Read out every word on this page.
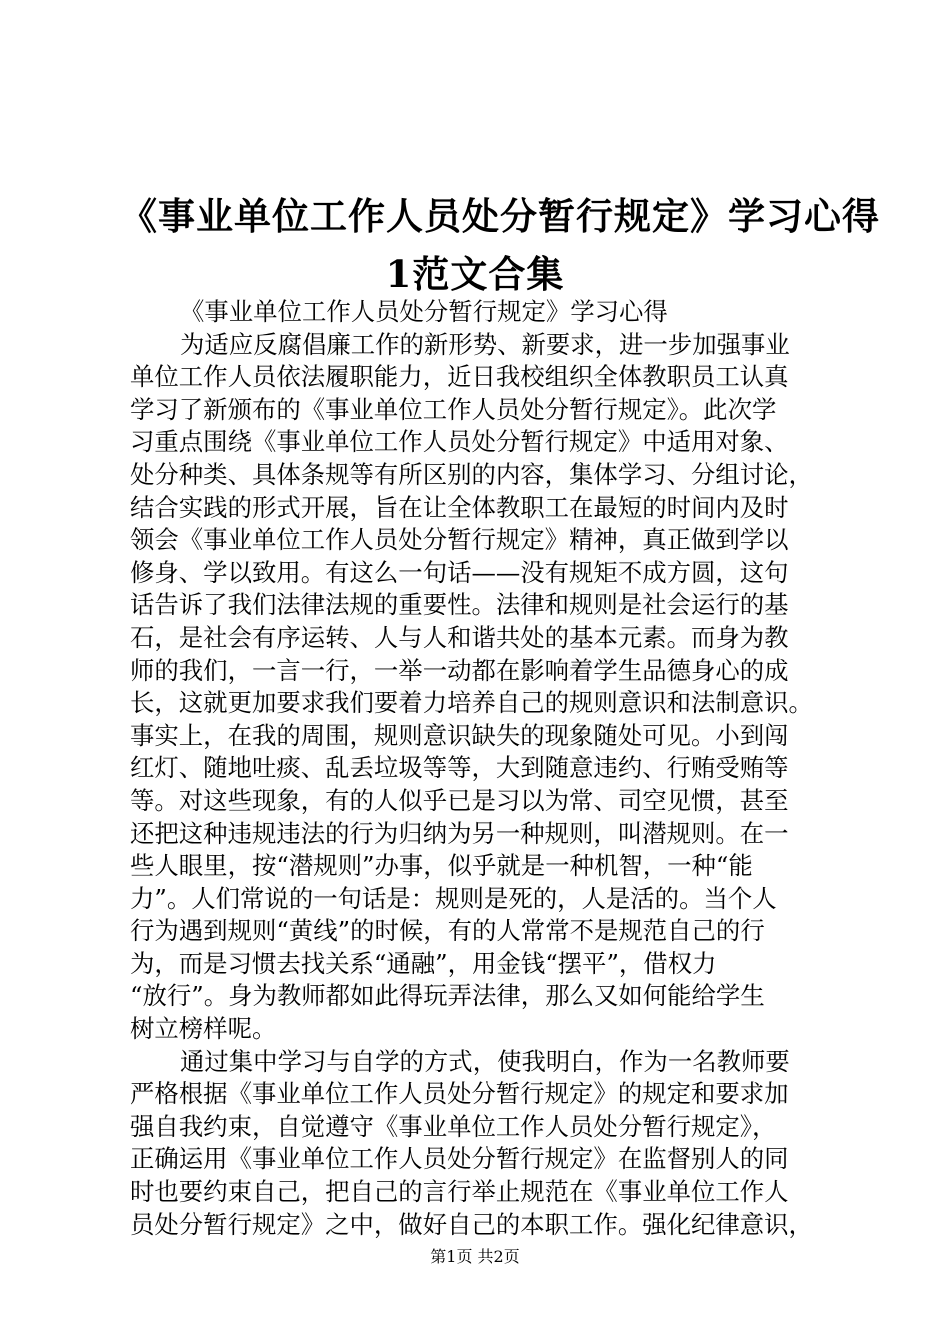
《事业单位工作人员处分暂行规定》学习心得
1范文合集
《事业单位工作人员处分暂行规定》学习心得
为适应反腐倡廉工作的新形势、新要求，进一步加强事业
单位工作人员依法履职能力，近日我校组织全体教职员工认真
学习了新颁布的《事业单位工作人员处分暂行规定》。此次学
习重点围绕《事业单位工作人员处分暂行规定》中适用对象、
处分种类、具体条规等有所区别的内容，集体学习、分组讨论，
结合实践的形式开展，旨在让全体教职工在最短的时间内及时
领会《事业单位工作人员处分暂行规定》精神，真正做到学以
修身、学以致用。有这么一句话——没有规矩不成方圆，这句
话告诉了我们法律法规的重要性。法律和规则是社会运行的基
石，是社会有序运转、人与人和谐共处的基本元素。而身为教
师的我们，一言一行，一举一动都在影响着学生品德身心的成
长，这就更加要求我们要着力培养自己的规则意识和法制意识。
事实上，在我的周围，规则意识缺失的现象随处可见。小到闯
红灯、随地吐痰、乱丢垃圾等等，大到随意违约、行贿受贿等
等。对这些现象，有的人似乎已是习以为常、司空见惯，甚至
还把这种违规违法的行为归纳为另一种规则，叫潜规则。在一
些人眼里，按“潜规则”办事，似乎就是一种机智，一种“能
力”。人们常说的一句话是：规则是死的，人是活的。当个人
行为遇到规则“黄线”的时候，有的人常常不是规范自己的行
为，而是习惯去找关系“通融”，用金钱“摆平”，借权力
“放行”。身为教师都如此得玩弄法律，那么又如何能给学生
树立榜样呢。
通过集中学习与自学的方式，使我明白，作为一名教师要
严格根据《事业单位工作人员处分暂行规定》的规定和要求加
强自我约束，自觉遵守《事业单位工作人员处分暂行规定》，
正确运用《事业单位工作人员处分暂行规定》在监督别人的同
时也要约束自己，把自己的言行举止规范在《事业单位工作人
员处分暂行规定》之中，做好自己的本职工作。强化纪律意识，
第1页 共2页
